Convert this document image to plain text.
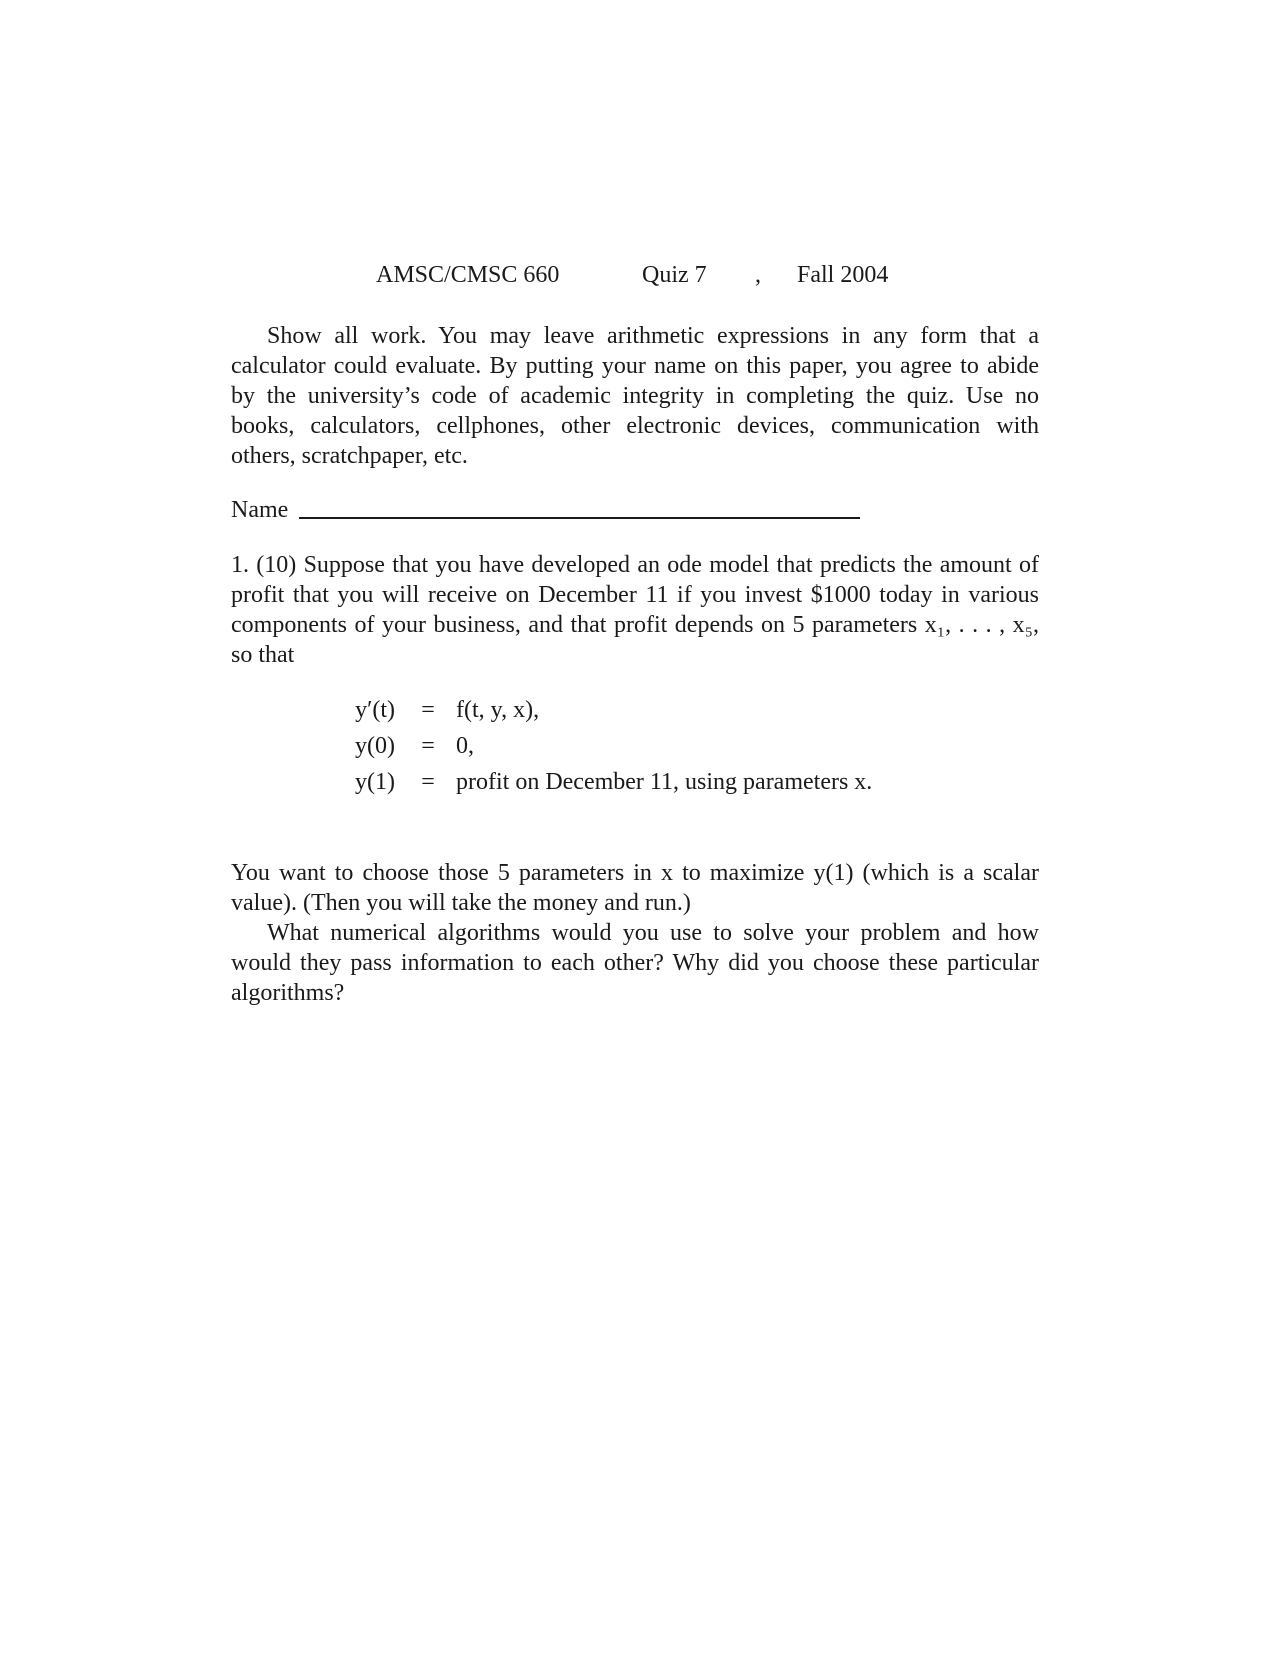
AMSC/CMSC 660	Quiz 7 , Fall 2004
Show all work. You may leave arithmetic expressions in any form that a calculator could evaluate. By putting your name on this paper, you agree to abide by the university’s code of academic integrity in completing the quiz. Use no books, calculators, cellphones, other electronic devices, communication with others, scratchpaper, etc.
Name
1. (10) Suppose that you have developed an ode model that predicts the amount of profit that you will receive on December 11 if you invest $1000 today in various components of your business, and that profit depends on 5 parameters x₁, . . . , x₅, so that
y′(t) = f(t, y, x),
y(0) = 0,
y(1) = profit on December 11, using parameters x.
You want to choose those 5 parameters in x to maximize y(1) (which is a scalar value). (Then you will take the money and run.)
What numerical algorithms would you use to solve your problem and how would they pass information to each other? Why did you choose these particular algorithms?
